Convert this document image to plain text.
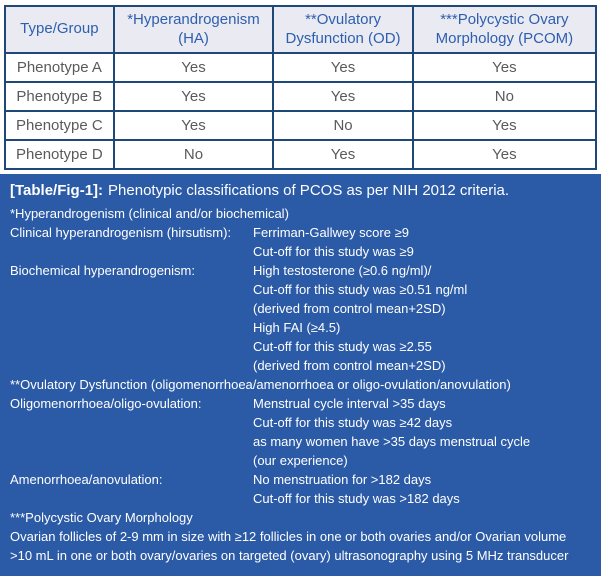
Type/Group	*Hyperandrogenism (HA)	**Ovulatory Dysfunction (OD)	***Polycystic Ovary Morphology (PCOM)
Phenotype A	Yes	Yes	Yes
Phenotype B	Yes	Yes	No
Phenotype C	Yes	No	Yes
Phenotype D	No	Yes	Yes
[Table/Fig-1]: Phenotypic classifications of PCOS as per NIH 2012 criteria.
*Hyperandrogenism (clinical and/or biochemical)
Clinical hyperandrogenism (hirsutism): Ferriman-Gallwey score ≥9
Cut-off for this study was ≥9
Biochemical hyperandrogenism:	High testosterone (≥0.6 ng/ml)/
Cut-off for this study was ≥0.51 ng/ml
(derived from control mean+2SD)
High FAI (≥4.5)
Cut-off for this study was ≥2.55
(derived from control mean+2SD)
**Ovulatory Dysfunction (oligomenorrhoea/amenorrhoea or oligo-ovulation/anovulation)
Oligomenorrhoea/oligo-ovulation:	Menstrual cycle interval >35 days
Cut-off for this study was ≥42 days
as many women have >35 days menstrual cycle
(our experience)
Amenorrhoea/anovulation:	No menstruation for >182 days
Cut-off for this study was >182 days
***Polycystic Ovary Morphology
Ovarian follicles of 2-9 mm in size with ≥12 follicles in one or both ovaries and/or Ovarian volume >10 mL in one or both ovary/ovaries on targeted (ovary) ultrasonography using 5 MHz transducer
